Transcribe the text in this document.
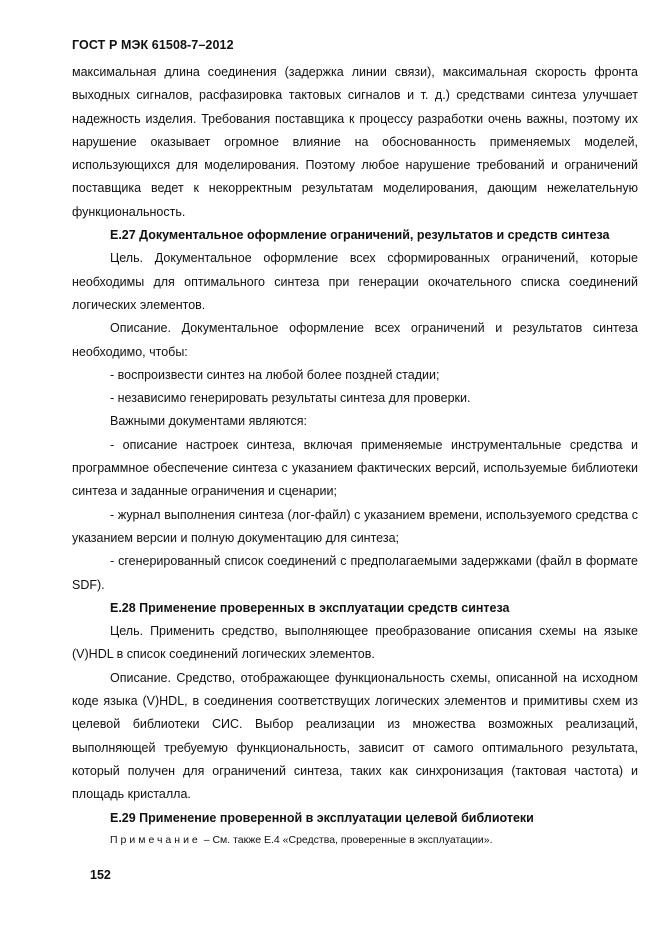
ГОСТ Р МЭК 61508-7–2012

максимальная длина соединения (задержка линии связи), максимальная скорость фронта выходных сигналов, расфазировка тактовых сигналов и т. д.) средствами синтеза улучшает надежность изделия. Требования поставщика к процессу разработки очень важны, поэтому их нарушение оказывает огромное влияние на обоснованность применяемых моделей, использующихся для моделирования. Поэтому любое нарушение требований и ограничений поставщика ведет к некорректным результатам моделирования, дающим нежелательную функциональность.

Е.27 Документальное оформление ограничений, результатов и средств синтеза

Цель. Документальное оформление всех сформированных ограничений, которые необходимы для оптимального синтеза при генерации окочательного списка соединений логических элементов.

Описание. Документальное оформление всех ограничений и результатов синтеза необходимо, чтобы:

- воспроизвести синтез на любой более поздней стадии;

- независимо генерировать результаты синтеза для проверки.

Важными документами являются:

- описание настроек синтеза, включая применяемые инструментальные средства и программное обеспечение синтеза с указанием фактических версий, используемые библиотеки синтеза и заданные ограничения и сценарии;

- журнал выполнения синтеза (лог-файл) с указанием времени, используемого средства с указанием версии и полную документацию для синтеза;

- сгенерированный список соединений с предполагаемыми задержками (файл в формате SDF).

Е.28 Применение проверенных в эксплуатации средств синтеза

Цель. Применить средство, выполняющее преобразование описания схемы на языке (V)HDL в список соединений логических элементов.

Описание. Средство, отображающее функциональность схемы, описанной на исходном коде языка (V)HDL, в соединения соответствущих логических элементов и примитивы схем из целевой библиотеки СИС. Выбор реализации из множества возможных реализаций, выполняющей требуемую функциональность, зависит от самого оптимального результата, который получен для ограничений синтеза, таких как синхронизация (тактовая частота) и площадь кристалла.

Е.29 Применение проверенной в эксплуатации целевой библиотеки

Примечание – См. также Е.4 «Средства, проверенные в эксплуатации».

152
